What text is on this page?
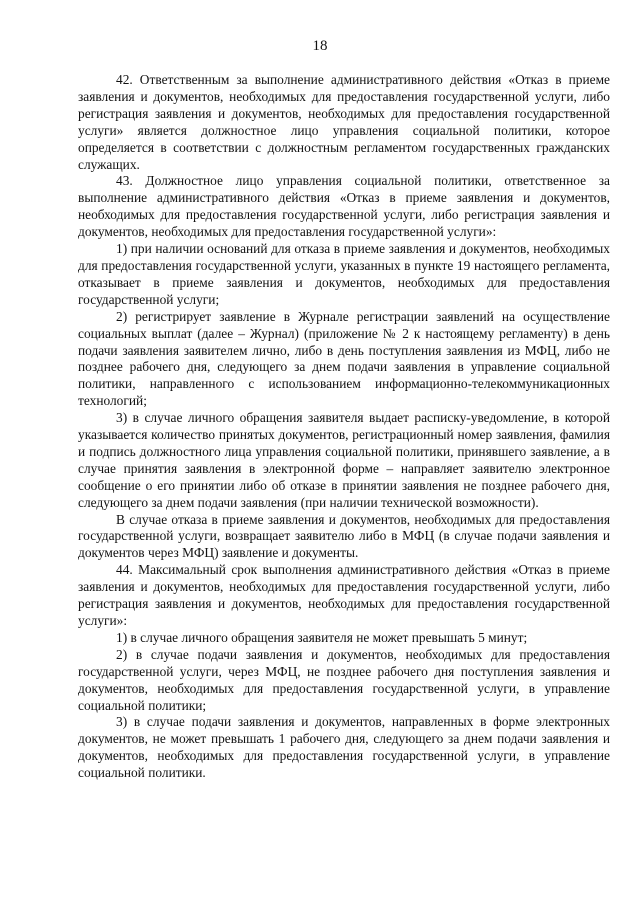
18

42. Ответственным за выполнение административного действия «Отказ в приеме заявления и документов, необходимых для предоставления государственной услуги, либо регистрация заявления и документов, необходимых для предоставления государственной услуги» является должностное лицо управления социальной политики, которое определяется в соответствии с должностным регламентом государственных гражданских служащих.

43. Должностное лицо управления социальной политики, ответственное за выполнение административного действия «Отказ в приеме заявления и документов, необходимых для предоставления государственной услуги, либо регистрация заявления и документов, необходимых для предоставления государственной услуги»:

1) при наличии оснований для отказа в приеме заявления и документов, необходимых для предоставления государственной услуги, указанных в пункте 19 настоящего регламента, отказывает в приеме заявления и документов, необходимых для предоставления государственной услуги;

2) регистрирует заявление в Журнале регистрации заявлений на осуществление социальных выплат (далее – Журнал) (приложение № 2 к настоящему регламенту) в день подачи заявления заявителем лично, либо в день поступления заявления из МФЦ, либо не позднее рабочего дня, следующего за днем подачи заявления в управление социальной политики, направленного с использованием информационно-телекоммуникационных технологий;

3) в случае личного обращения заявителя выдает расписку-уведомление, в которой указывается количество принятых документов, регистрационный номер заявления, фамилия и подпись должностного лица управления социальной политики, принявшего заявление, а в случае принятия заявления в электронной форме – направляет заявителю электронное сообщение о его принятии либо об отказе в принятии заявления не позднее рабочего дня, следующего за днем подачи заявления (при наличии технической возможности).

В случае отказа в приеме заявления и документов, необходимых для предоставления государственной услуги, возвращает заявителю либо в МФЦ (в случае подачи заявления и документов через МФЦ) заявление и документы.

44. Максимальный срок выполнения административного действия «Отказ в приеме заявления и документов, необходимых для предоставления государственной услуги, либо регистрация заявления и документов, необходимых для предоставления государственной услуги»:

1) в случае личного обращения заявителя не может превышать 5 минут;

2) в случае подачи заявления и документов, необходимых для предоставления государственной услуги, через МФЦ, не позднее рабочего дня поступления заявления и документов, необходимых для предоставления государственной услуги, в управление социальной политики;

3) в случае подачи заявления и документов, направленных в форме электронных документов, не может превышать 1 рабочего дня, следующего за днем подачи заявления и документов, необходимых для предоставления государственной услуги, в управление социальной политики.
